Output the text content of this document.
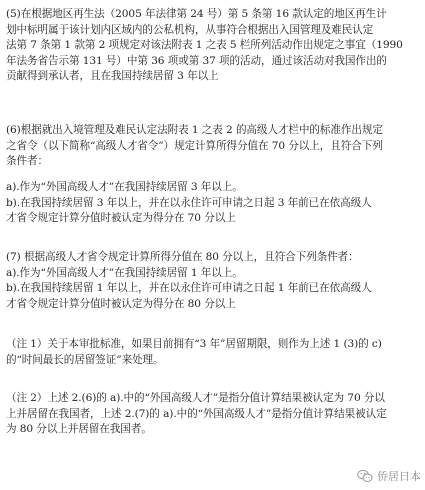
(5)在根据地区再生法（2005 年法律第 24 号）第 5 条第 16 款认定的地区再生计
划中标明属于该计划内区域内的公私机构，从事符合根据出入国管理及难民认定
法第 7 条第 1 款第 2 项规定对该法附表 1 之表 5 栏所列活动作出规定之事宜（1990
年法务省告示第 131 号）中第 36 项或第 37 项的活动，通过该活动对我国作出的
贡献得到承认者，且在我国持续居留 3 年以上
(6)根据就出入境管理及难民认定法附表 1 之表 2 的高级人才栏中的标准作出规定
之省令（以下简称“高级人才省令”）规定计算所得分值在 70 分以上，且符合下列
条件者：
a).作为“外国高级人才”在我国持续居留 3 年以上。
b).在我国持续居留 3 年以上，并在以永住许可申请之日起 3 年前已在依高级人
才省令规定计算分值时被认定为得分在 70 分以上
(7) 根据高级人才省令规定计算所得分值在 80 分以上，且符合下列条件者：
a).作为“外国高级人才”在我国持续居留 1 年以上。
b).在我国持续居留 1 年以上，并在以永住许可申请之日起 1 年前已在依高级人
才省令规定计算分值时被认定为得分在 80 分以上
（注 1）关于本审批标准，如果目前拥有“3 年”居留期限，则作为上述 1 (3)的 c)
的“时间最长的居留签证”来处理。
（注 2）上述 2.(6)的 a).中的“外国高级人才”是指分值计算结果被认定为 70 分以
上并居留在我国者，上述 2.(7)的 a).中的“外国高级人才”是指分值计算结果被认定
为 80 分以上并居留在我国者。
侨居日本
